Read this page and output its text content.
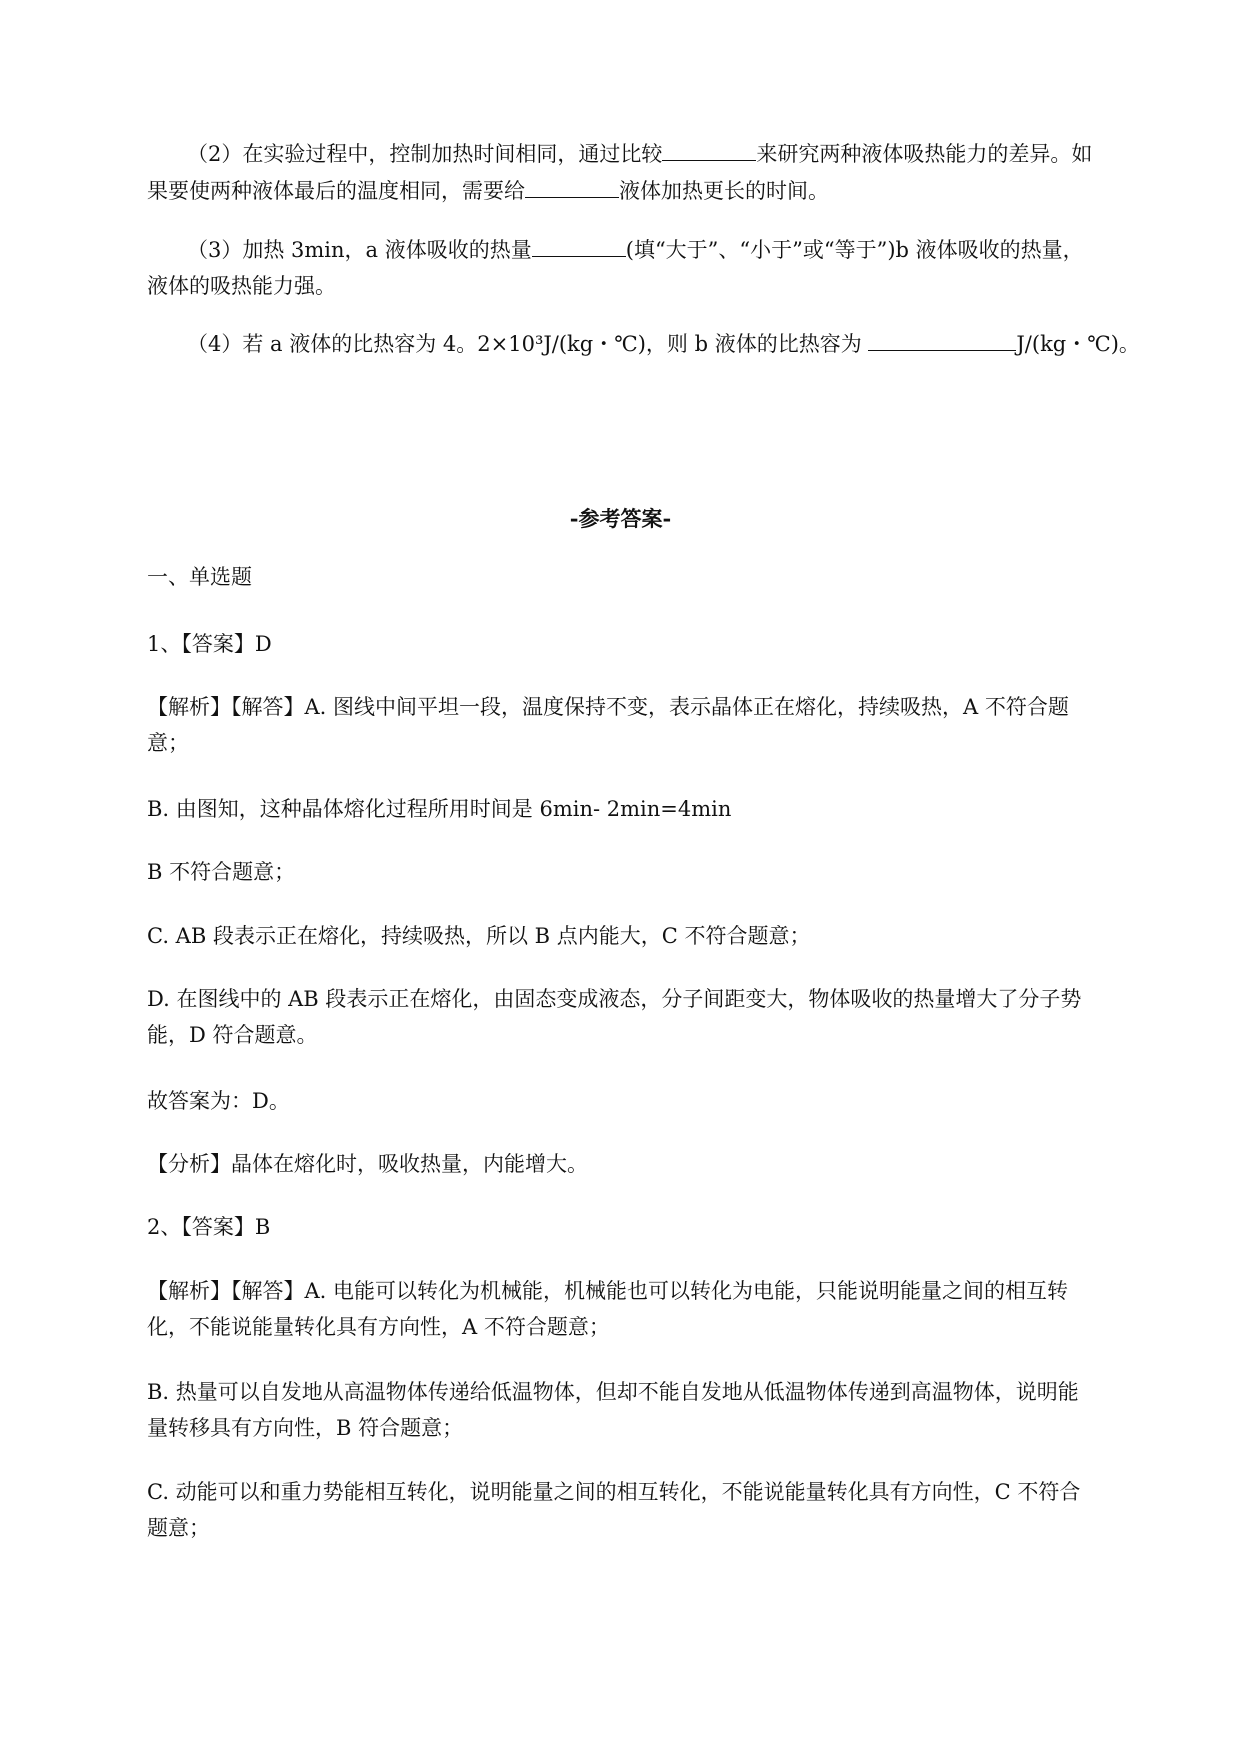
（2）在实验过程中，控制加热时间相同，通过比较	来研究两种液体吸热能力的差异。如
果要使两种液体最后的温度相同，需要给	液体加热更长的时间。
（3）加热 3min，a 液体吸收的热量	(填“大于”、“小于”或“等于”)b 液体吸收的热量，
液体的吸热能力强。
（4）若 a 液体的比热容为 4。2×10³J/(kg・℃)，则 b 液体的比热容为	J/(kg・℃)。
-参考答案-
一、单选题
1、【答案】D
【解析】【解答】A. 图线中间平坦一段，温度保持不变，表示晶体正在熔化，持续吸热，A 不符合题
意；
B. 由图知，这种晶体熔化过程所用时间是 6min- 2min=4min
B 不符合题意；
C. AB 段表示正在熔化，持续吸热，所以 B 点内能大，C 不符合题意；
D. 在图线中的 AB 段表示正在熔化，由固态变成液态，分子间距变大，物体吸收的热量增大了分子势
能，D 符合题意。
故答案为：D。
【分析】晶体在熔化时，吸收热量，内能增大。
2、【答案】B
【解析】【解答】A. 电能可以转化为机械能，机械能也可以转化为电能，只能说明能量之间的相互转
化，不能说能量转化具有方向性，A 不符合题意；
B. 热量可以自发地从高温物体传递给低温物体，但却不能自发地从低温物体传递到高温物体，说明能
量转移具有方向性，B 符合题意；
C. 动能可以和重力势能相互转化，说明能量之间的相互转化，不能说能量转化具有方向性，C 不符合
题意；
